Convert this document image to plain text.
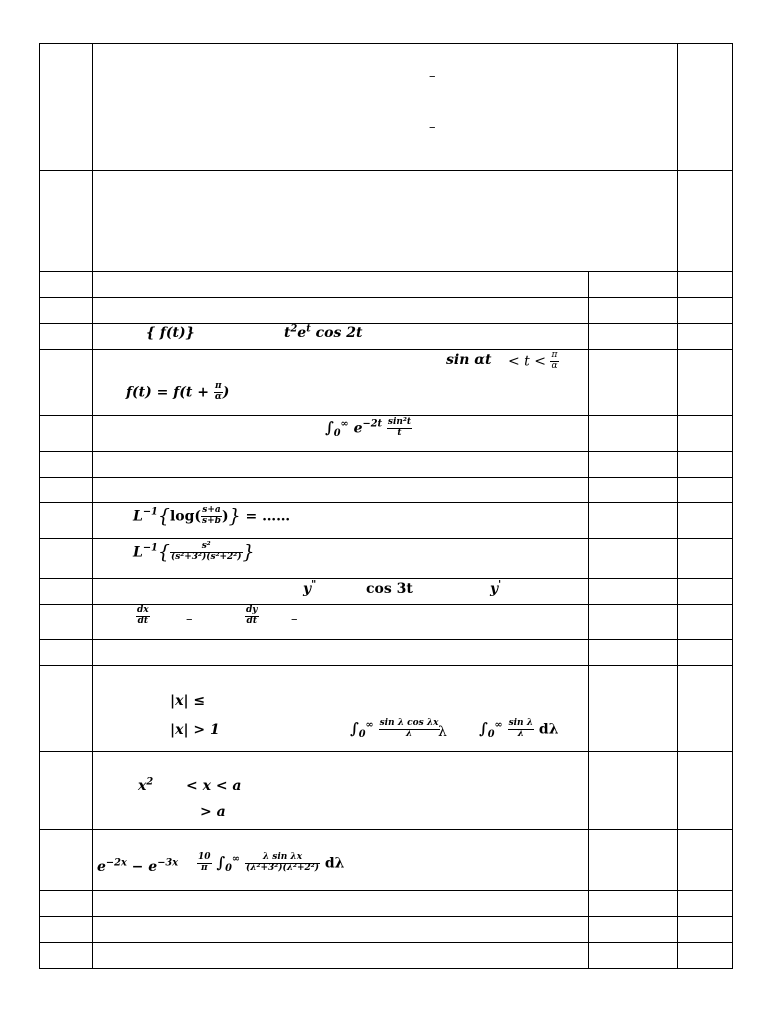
–
–
{ f(t)}	$t^2e^t$ cos 2t
$\sin \alpha t < t < \frac{\pi}{\alpha}$
$f(t) = f(t + \frac{\pi}{\alpha}$ )
$\int_0^\infty$ $e^{-2t} \frac{\text{sin²t}}{t}$
$L^{-1}\{\log( \frac{s+a}{s+b}$ )} = ……
$L^{-1}\{ \frac{\text{s²}}{\text{(s²+3²)(s²+2²)}}$ }
y"	cos 3t	y'
$\frac{dx}{dt}$	–	$\frac{dy}{dt}$ –
|x| ≤
|x| > 1	$\int_0^\infty \frac{\text{sin λ cos λx}}{\lambda}$
λ $\int_0^\infty \frac{\text{sin λ}}{\lambda}$ dλ
$x^2 < x < a$
> a
$e^{-2x} - e^{-3x} \frac{10}{\pi} \int_0^\infty \frac{\text{λ sin λx}}{\text{(λ²+3²)(λ²+2²)}}$ dλ
